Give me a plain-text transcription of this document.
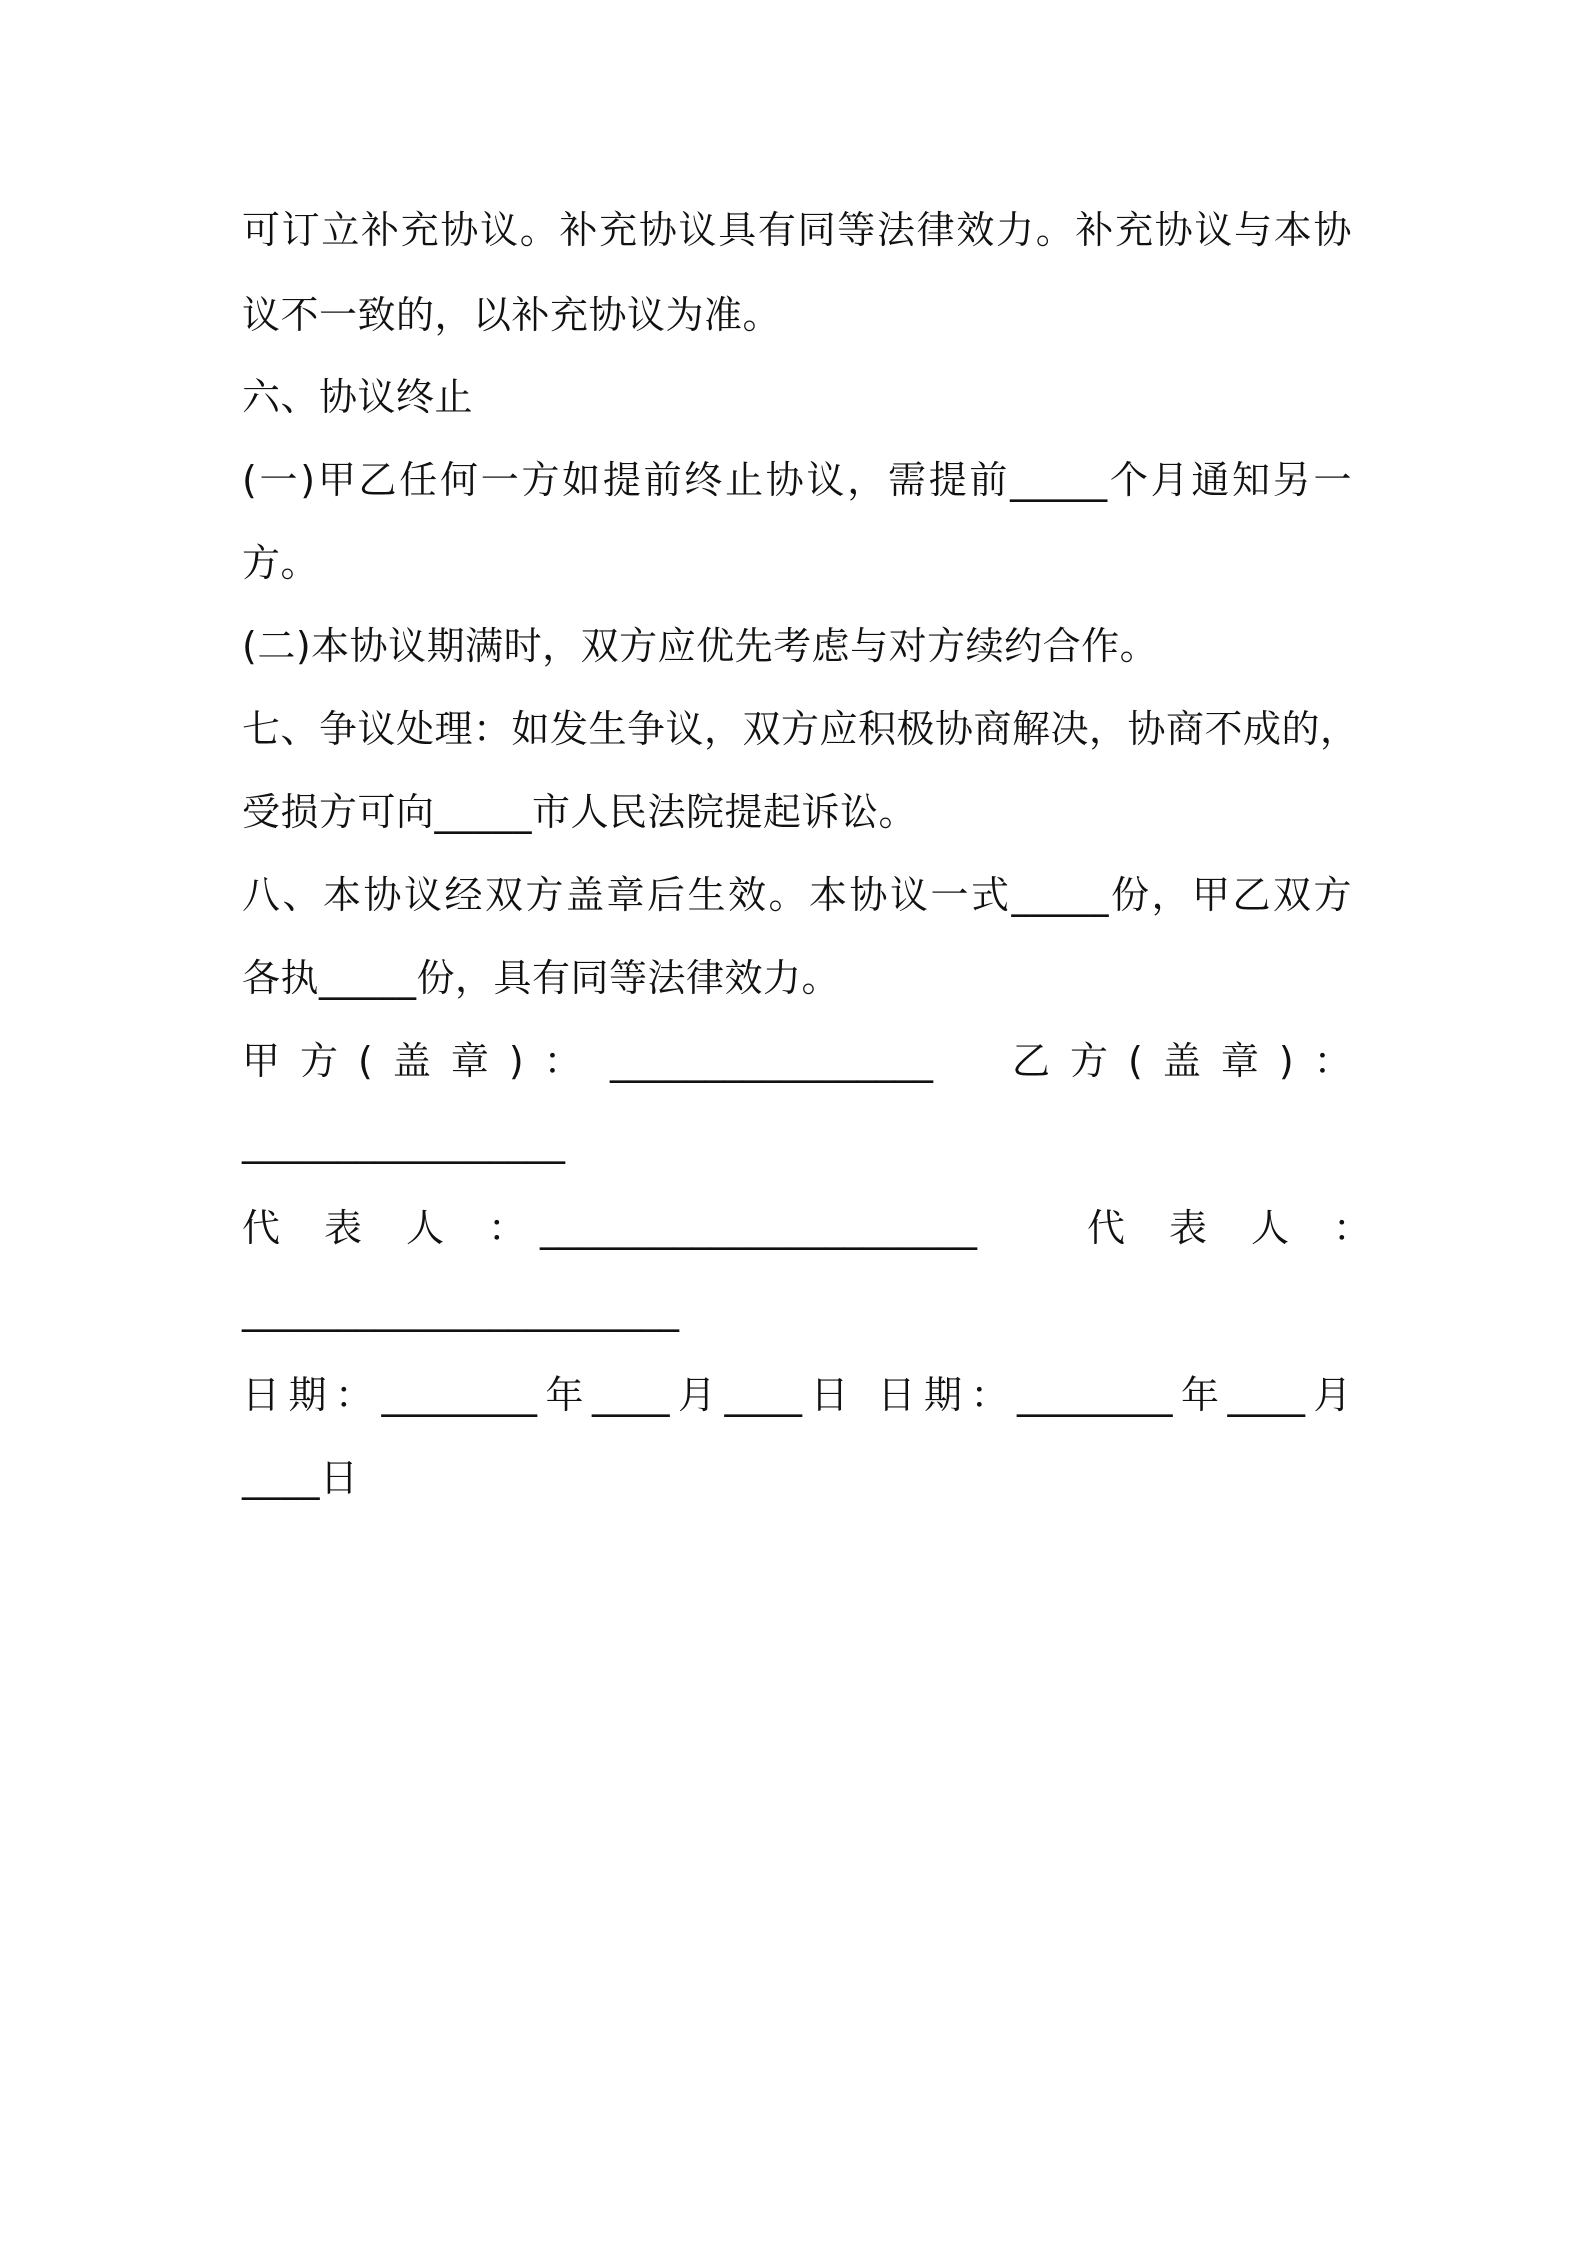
可订立补充协议。补充协议具有同等法律效力。补充协议与本协
议不一致的，以补充协议为准。
六、协议终止
(一)甲乙任何一方如提前终止协议，需提前_____个月通知另一
方。
(二)本协议期满时，双方应优先考虑与对方续约合作。
七、争议处理：如发生争议，双方应积极协商解决，协商不成的，
受损方可向_____市人民法院提起诉讼。
八、本协议经双方盖章后生效。本协议一式_____份，甲乙双方
各执_____份，具有同等法律效力。
甲方(盖章)： _________________ 乙方(盖章)：
_________________
代表人：
_______________________	代表人：
_______________________
日期：________年____月____日 日期：________年____月
____日
